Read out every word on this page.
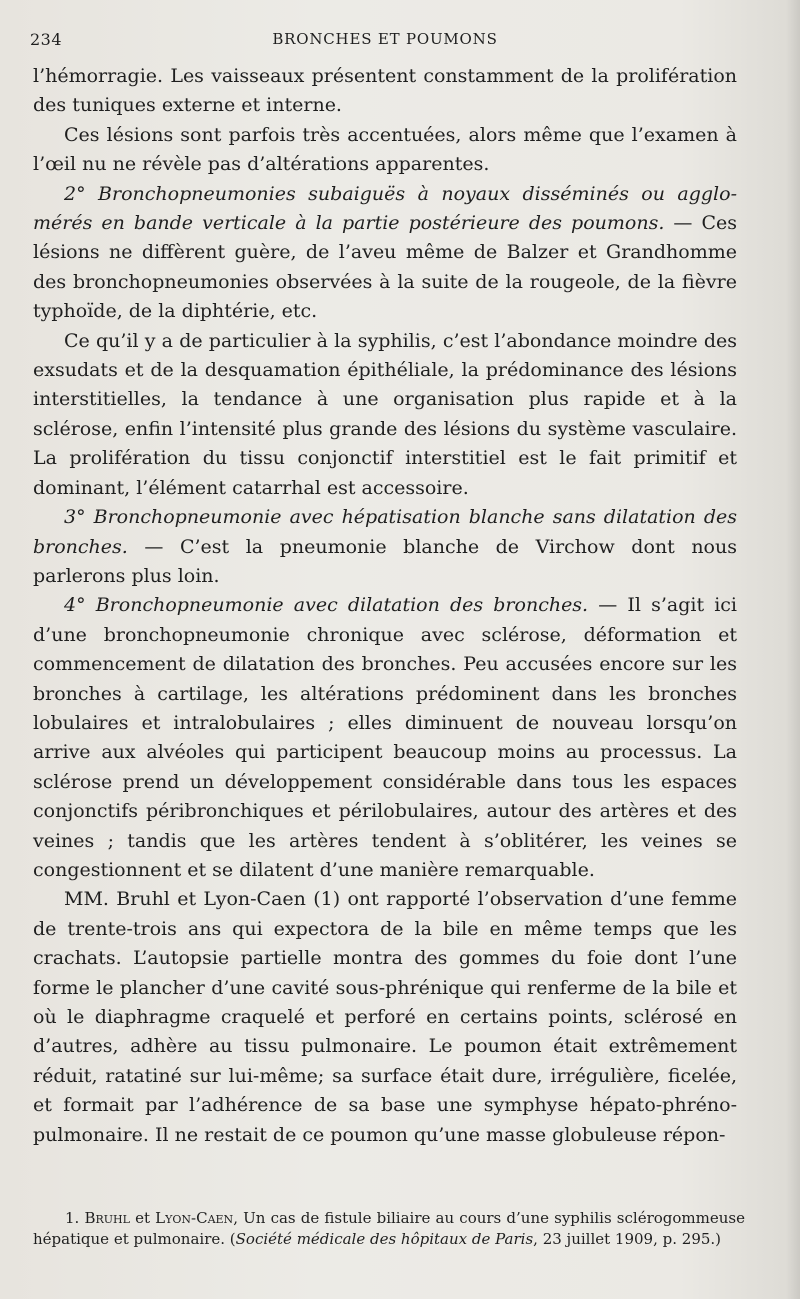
234	BRONCHES ET POUMONS

l’hémorragie. Les vaisseaux présentent constamment de la prolifération des tuniques externe et interne.

Ces lésions sont parfois très accentuées, alors même que l’examen à l’œil nu ne révèle pas d’altérations apparentes.

2° Bronchopneumonies subaiguës à noyaux disséminés ou agglomérés en bande verticale à la partie postérieure des poumons. — Ces lésions ne diffèrent guère, de l’aveu même de Balzer et Grandhomme des bronchopneumonies observées à la suite de la rougeole, de la fièvre typhoïde, de la diphtérie, etc.

Ce qu’il y a de particulier à la syphilis, c’est l’abondance moindre des exsudats et de la desquamation épithéliale, la prédominance des lésions interstitielles, la tendance à une organisation plus rapide et à la sclérose, enfin l’intensité plus grande des lésions du système vasculaire. La prolifération du tissu conjonctif interstitiel est le fait primitif et dominant, l’élément catarrhal est accessoire.

3° Bronchopneumonie avec hépatisation blanche sans dilatation des bronches. — C’est la pneumonie blanche de Virchow dont nous parlerons plus loin.

4° Bronchopneumonie avec dilatation des bronches. — Il s’agit ici d’une bronchopneumonie chronique avec sclérose, déformation et commencement de dilatation des bronches. Peu accusées encore sur les bronches à cartilage, les altérations prédominent dans les bronches lobulaires et intralobulaires ; elles diminuent de nouveau lorsqu’on arrive aux alvéoles qui participent beaucoup moins au processus. La sclérose prend un développement considérable dans tous les espaces conjonctifs péribronchiques et périlobulaires, autour des artères et des veines ; tandis que les artères tendent à s’oblitérer, les veines se congestionnent et se dilatent d’une manière remarquable.

MM. Bruhl et Lyon-Caen (1) ont rapporté l’observation d’une femme de trente-trois ans qui expectora de la bile en même temps que les crachats. L’autopsie partielle montra des gommes du foie dont l’une forme le plancher d’une cavité sous-phrénique qui renferme de la bile et où le diaphragme craquelé et perforé en certains points, sclérosé en d’autres, adhère au tissu pulmonaire. Le poumon était extrêmement réduit, ratatiné sur lui-même; sa surface était dure, irrégulière, ficelée, et formait par l’adhérence de sa base une symphyse hépato-phréno-pulmonaire. Il ne restait de ce poumon qu’une masse globuleuse répon-

1. Bruhl et Lyon-Caen, Un cas de fistule biliaire au cours d’une syphilis sclérogommeuse hépatique et pulmonaire. (Société médicale des hôpitaux de Paris, 23 juillet 1909, p. 295.)
